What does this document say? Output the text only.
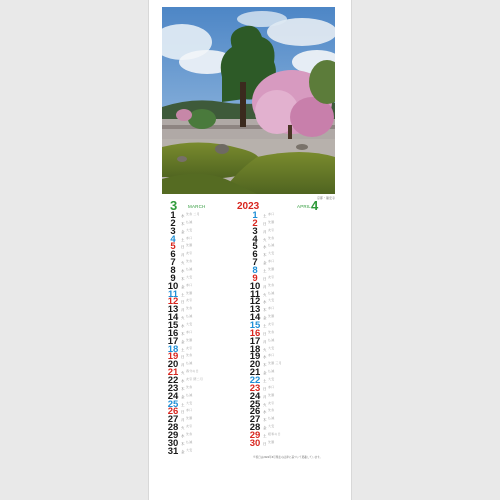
京都・龍安寺
3 MARCH	2023	APRIL 4
1	水 先負 二月
2	木 仏滅
3	金 大安
4	土 赤口
5	日 先勝
6	月 友引
7	火 先負
8	水 仏滅
9	木 大安
10 金 赤口
11 土 先勝
12 日 友引
13 月 先負
14 火 仏滅
15 水 大安
16 木 赤口
17 金 先勝
18 土 友引
19 日 先負
20 月 仏滅
21 火 春分の日
22 水 友引 閏二月
23 木 先負
24 金 仏滅
25 土 大安
26 日 赤口
27 月 先勝
28 火 友引
29 水 先負
30 木 仏滅
31 金 大安
1	土 赤口
2	日 先勝
3	月 友引
4	火 先負
5	水 仏滅
6	木 大安
7	金 赤口
8	土 先勝
9	日 友引
10 月 先負
11 火 仏滅
12 水 大安
13 木 赤口
14 金 先勝
15 土 友引
16 日 先負
17 月 仏滅
18 火 大安
19 水 赤口
20 木 先勝 三月
21 金 仏滅
22 土 大安
23 日 赤口
24 月 先勝
25 火 友引
26 水 先負
27 木 仏滅
28 金 大安
29 土 昭和の日
30 日 先勝
※祝日は2022年6月現在の法律に基づいて掲載しています。
